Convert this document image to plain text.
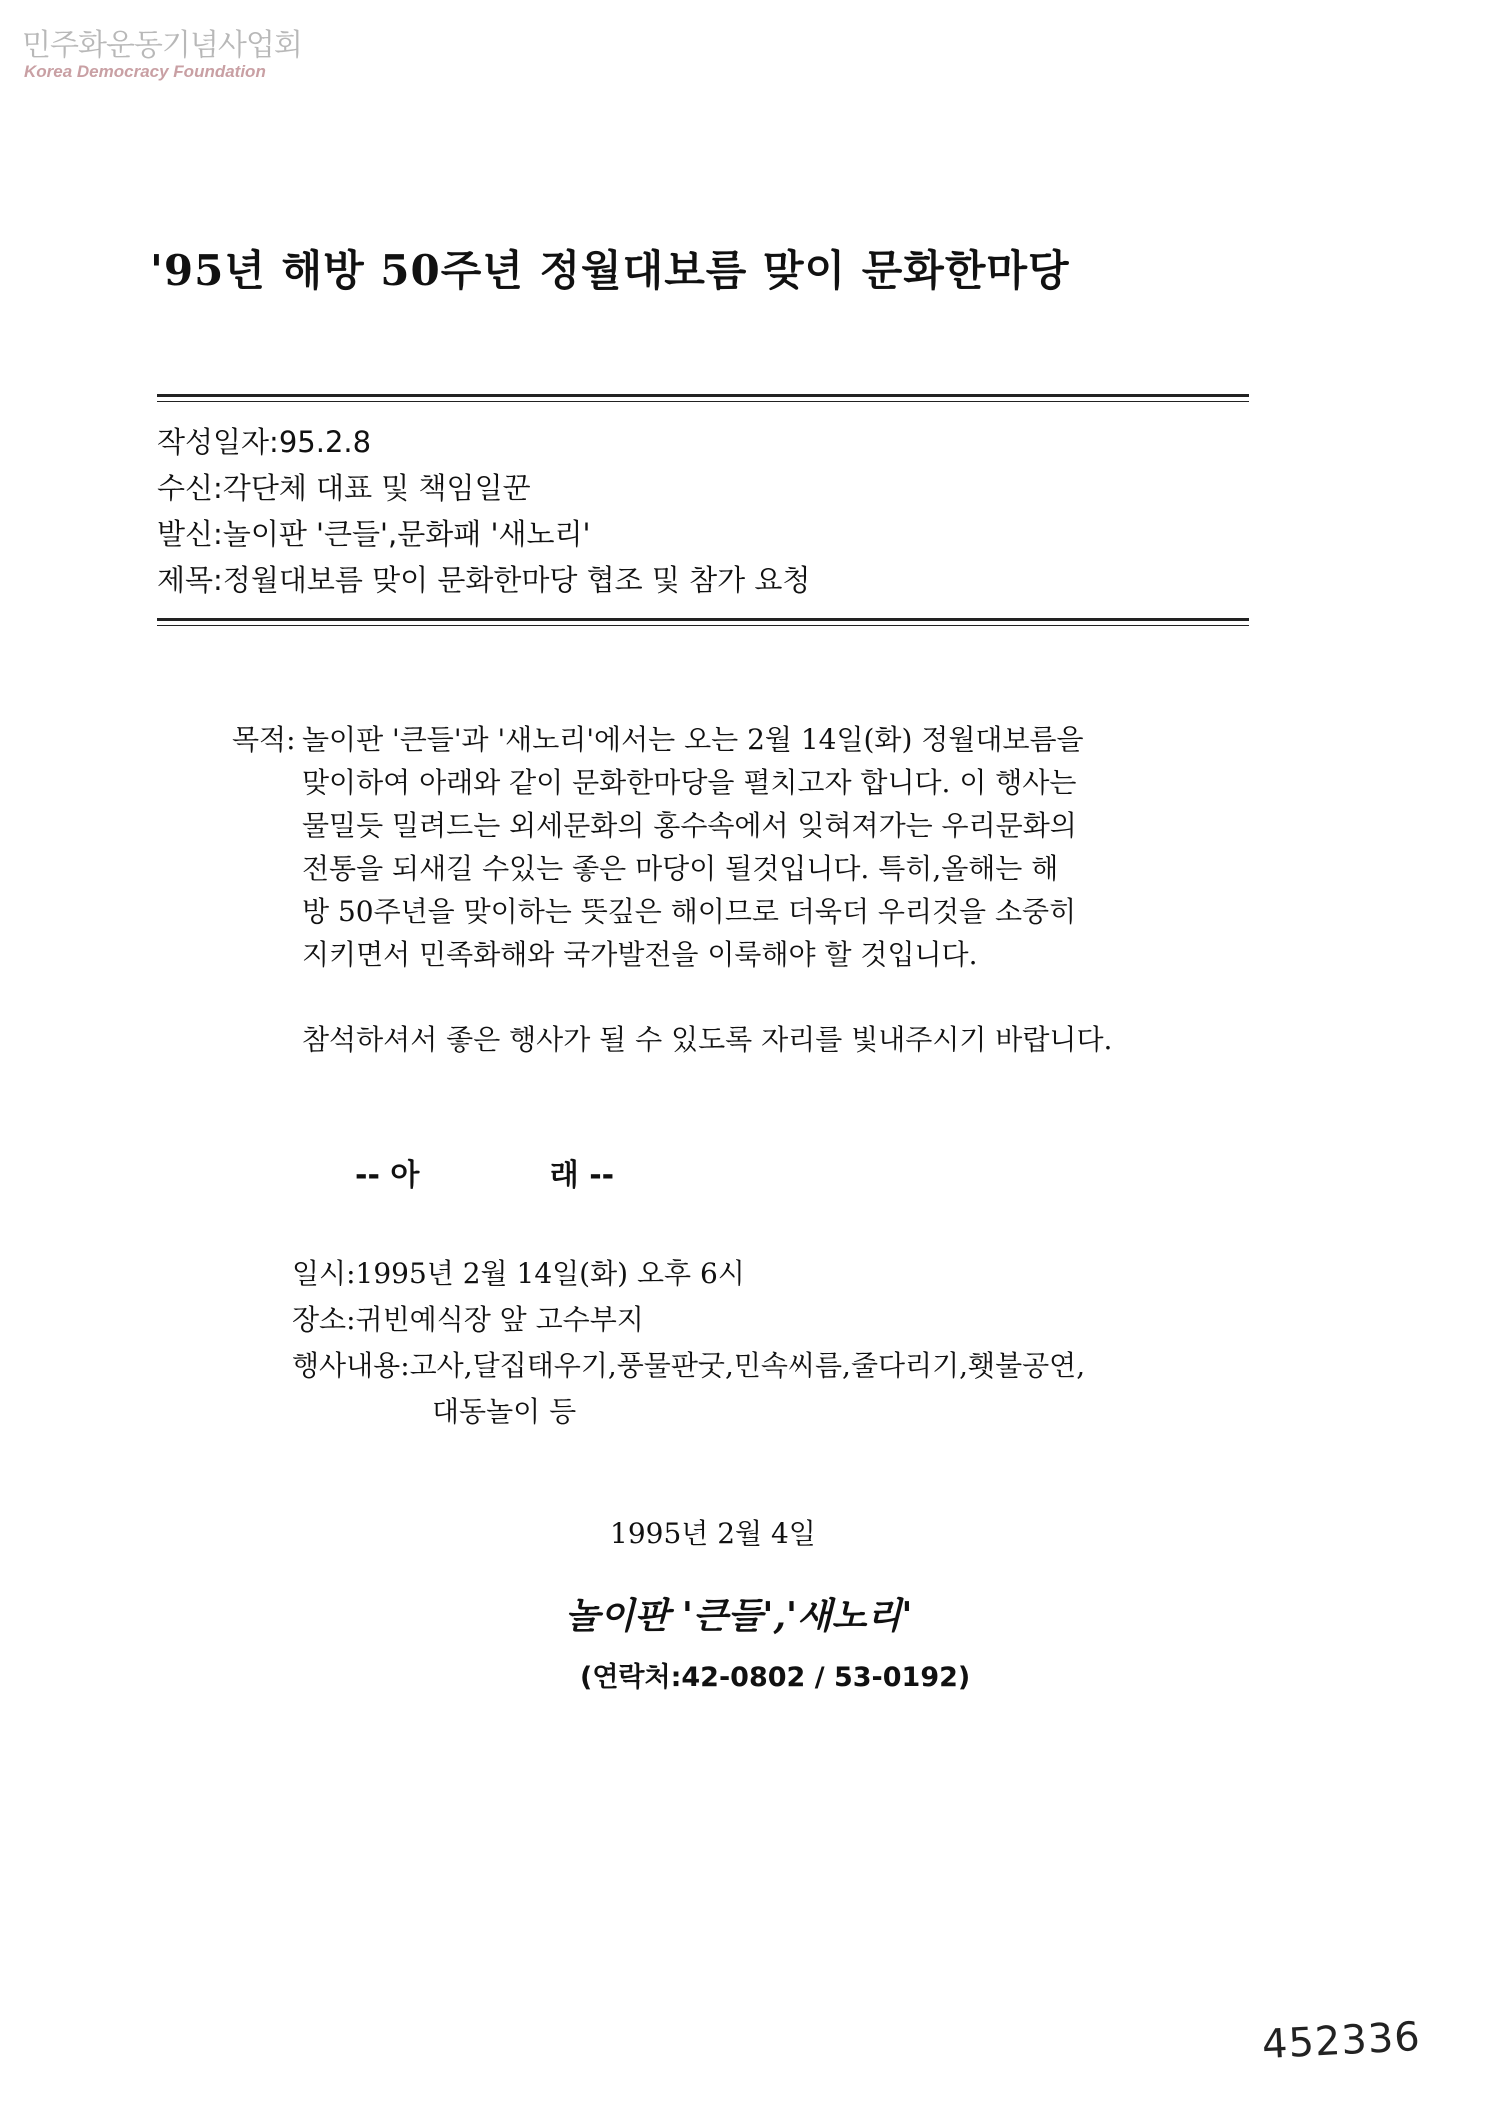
민주화운동기념사업회
Korea Democracy Foundation
'95년 해방 50주년 정월대보름 맞이 문화한마당
작성일자:95.2.8
수신:각단체 대표 및 책임일꾼
발신:놀이판 '큰들',문화패 '새노리'
제목:정월대보름 맞이 문화한마당 협조 및 참가 요청
목적: 놀이판 '큰들'과 '새노리'에서는 오는 2월 14일(화) 정월대보름을
맞이하여 아래와 같이 문화한마당을 펼치고자 합니다. 이 행사는
물밀듯 밀려드는 외세문화의 홍수속에서 잊혀져가는 우리문화의
전통을 되새길 수있는 좋은 마당이 될것입니다. 특히,올해는 해
방 50주년을 맞이하는 뜻깊은 해이므로 더욱더 우리것을 소중히
지키면서 민족화해와 국가발전을 이룩해야 할 것입니다.
참석하셔서 좋은 행사가 될 수 있도록 자리를 빛내주시기 바랍니다.
-- 아	래 --
일시:1995년 2월 14일(화) 오후 6시
장소:귀빈예식장 앞 고수부지
행사내용:고사,달집태우기,풍물판굿,민속씨름,줄다리기,횃불공연,
대동놀이 등
1995년 2월 4일
놀이판 '큰들','새노리'
(연락처:42-0802 / 53-0192)
452336
